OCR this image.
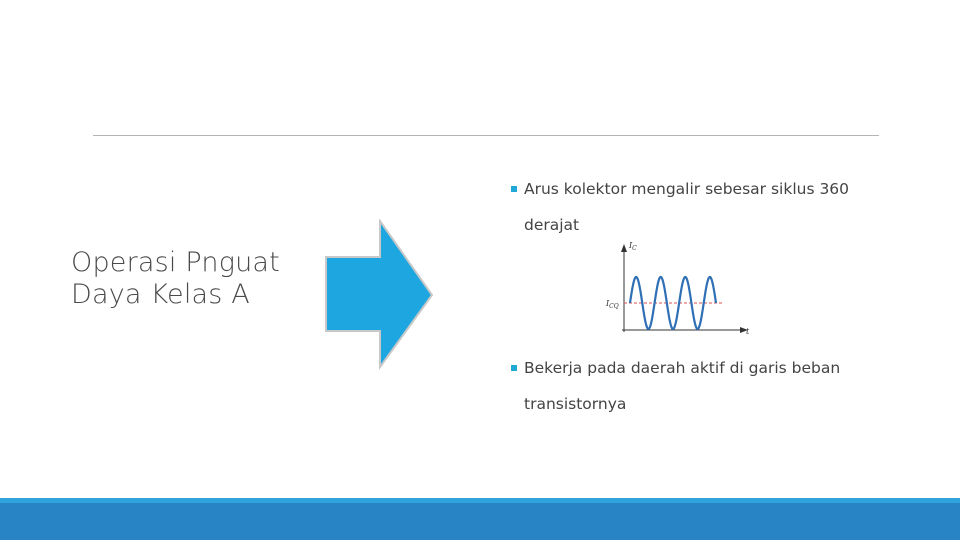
Operasi Pnguat
Daya Kelas A
Arus kolektor mengalir sebesar siklus 360
derajat
$I_C$
$I_{CQ}$
t
Bekerja pada daerah aktif di garis beban
transistornya
